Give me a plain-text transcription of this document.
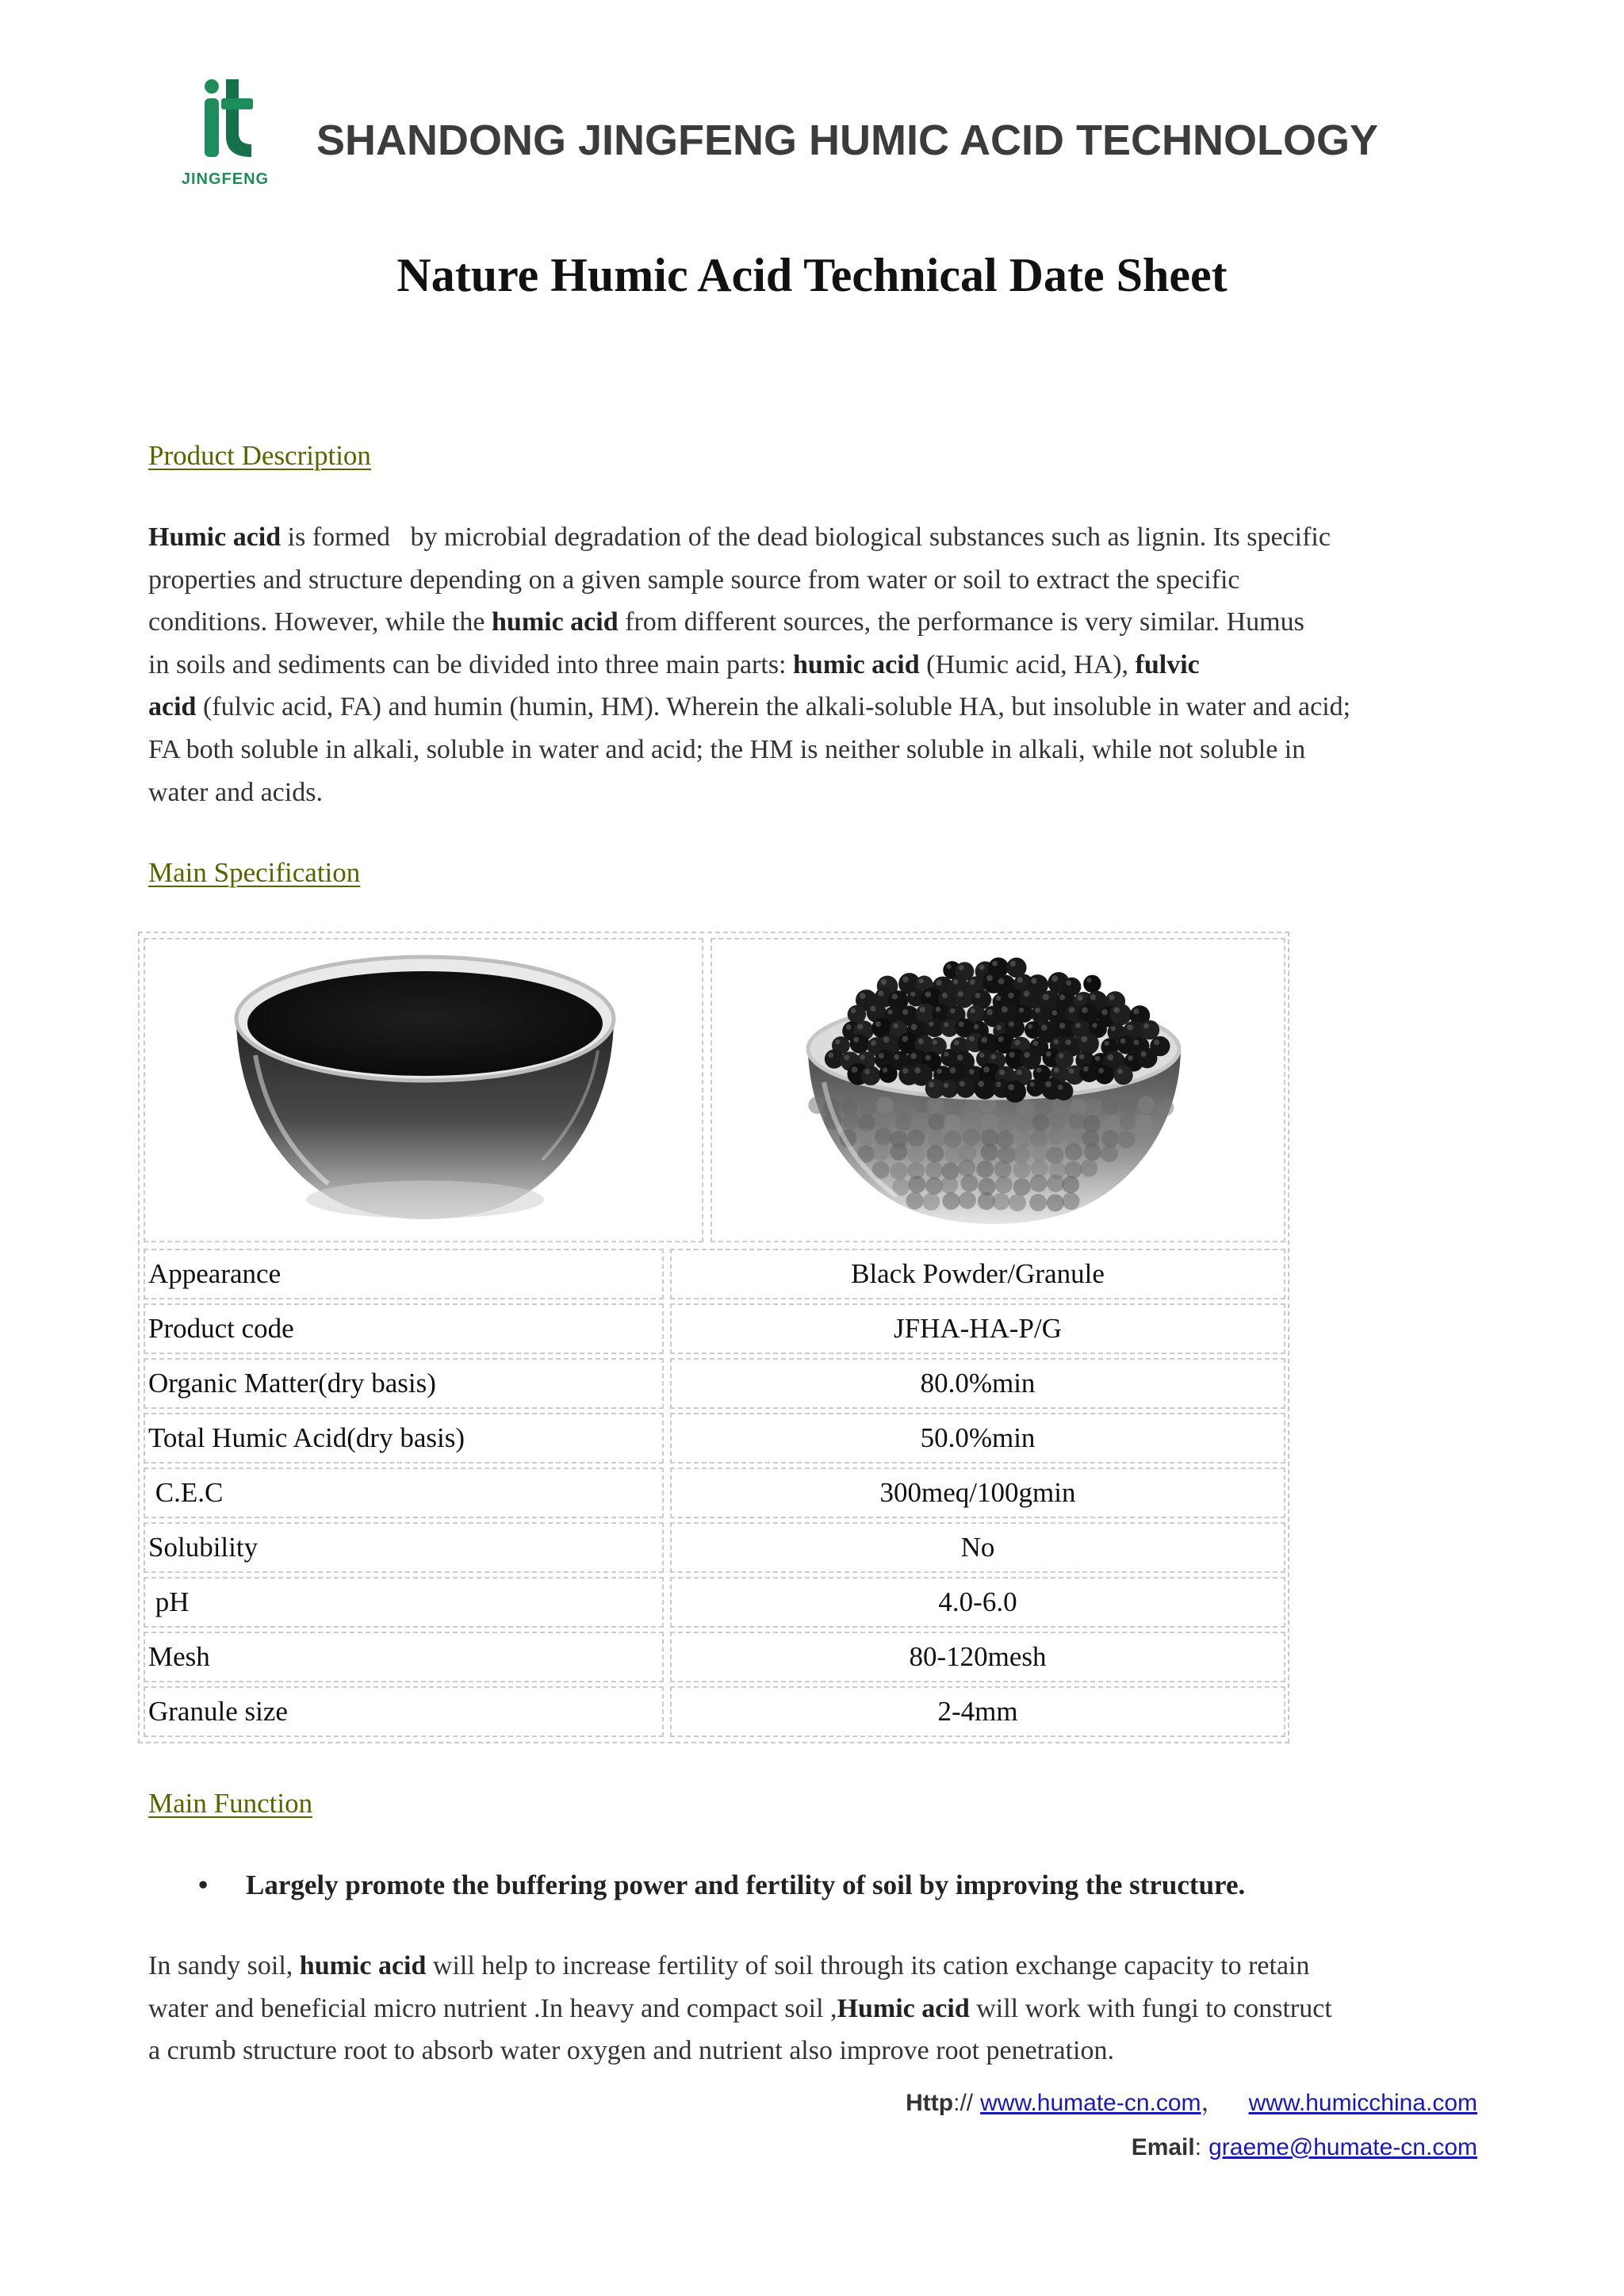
JINGFENG
SHANDONG JINGFENG HUMIC ACID TECHNOLOGY
Nature Humic Acid Technical Date Sheet
Product Description
Humic acid is formed   by microbial degradation of the dead biological substances such as lignin. Its specific
properties and structure depending on a given sample source from water or soil to extract the specific
conditions. However, while the humic acid from different sources, the performance is very similar. Humus
in soils and sediments can be divided into three main parts: humic acid (Humic acid, HA), fulvic
acid (fulvic acid, FA) and humin (humin, HM). Wherein the alkali-soluble HA, but insoluble in water and acid;
FA both soluble in alkali, soluble in water and acid; the HM is neither soluble in alkali, while not soluble in
water and acids.
Main Specification
Appearance	Black Powder/Granule
Product code	JFHA-HA-P/G
Organic Matter(dry basis)	80.0%min
Total Humic Acid(dry basis)	50.0%min
C.E.C	300meq/100gmin
Solubility	No
pH	4.0-6.0
Mesh	80-120mesh
Granule size	2-4mm
Main Function
•
Largely promote the buffering power and fertility of soil by improving the structure.
In sandy soil, humic acid will help to increase fertility of soil through its cation exchange capacity to retain
water and beneficial micro nutrient .In heavy and compact soil ,Humic acid will work with fungi to construct
a crumb structure root to absorb water oxygen and nutrient also improve root penetration.
Http:// www.humate-cn.com， www.humicchina.com
Email: graeme@humate-cn.com
